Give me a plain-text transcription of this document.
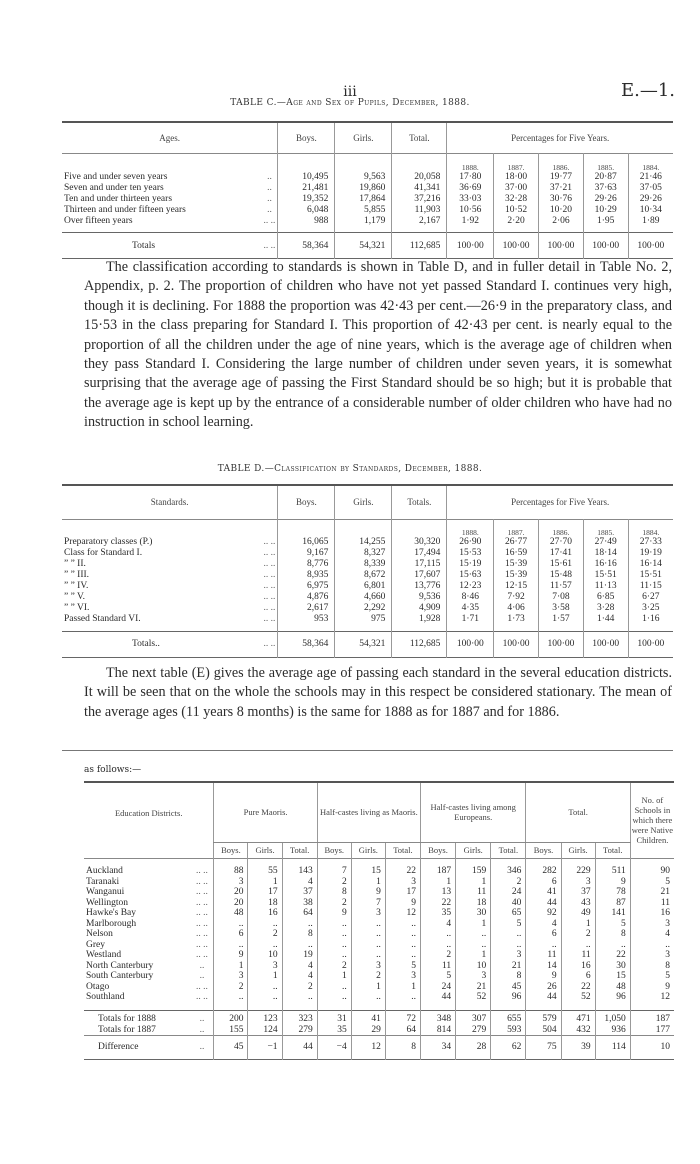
iii	E.—1.
TABLE C.—Age and Sex of Pupils, December, 1888.
Ages.		Boys.	Girls.	Total.	Percentages for Five Years.				
					1888.	1887.	1886.	1885.	1884.
Five and under seven years	..	10,495	9,563	20,058	17·80	18·00	19·77	20·87	21·46
Seven and under ten years	..	21,481	19,860	41,341	36·69	37·00	37·21	37·63	37·05
Ten and under thirteen years	..	19,352	17,864	37,216	33·03	32·28	30·76	29·26	29·26
Thirteen and under fifteen years	..	6,048	5,855	11,903	10·56	10·52	10·20	10·29	10·34
Over fifteen years	.. ..	988	1,179	2,167	1·92	2·20	2·06	1·95	1·89

Totals	.. ..	58,364	54,321	112,685	100·00	100·00	100·00	100·00	100·00

The classification according to standards is shown in Table D, and in fuller detail in Table No. 2, Appendix, p. 2. The proportion of children who have not yet passed Standard I. continues very high, though it is declining. For 1888 the proportion was 42·43 per cent.—26·9 in the preparatory class, and 15·53 in the class preparing for Standard I. This proportion of 42·43 per cent. is nearly equal to the proportion of all the children under the age of nine years, which is the average age of children when they pass Standard I. Considering the large number of children under seven years, it is somewhat surprising that the average age of passing the First Standard should be so high; but it is probable that the average age is kept up by the entrance of a considerable number of older children who have had no instruction in school learning.

TABLE D.—Classification by Standards, December, 1888.
Standards.		Boys.	Girls.	Totals.	Percentages for Five Years.				
					1888.	1887.	1886.	1885.	1884.
Preparatory classes (P.)	.. ..	16,065	14,255	30,320	26·90	26·77	27·70	27·49	27·33
Class for Standard I.	.. ..	9,167	8,327	17,494	15·53	16·59	17·41	18·14	19·19
” ” II.	.. ..	8,776	8,339	17,115	15·19	15·39	15·61	16·16	16·14
” ” III.	.. ..	8,935	8,672	17,607	15·63	15·39	15·48	15·51	15·51
” ” IV.	.. ..	6,975	6,801	13,776	12·23	12·15	11·57	11·13	11·15
” ” V.	.. ..	4,876	4,660	9,536	8·46	7·92	7·08	6·85	6·27
” ” VI.	.. ..	2,617	2,292	4,909	4·35	4·06	3·58	3·28	3·25
Passed Standard VI.	.. ..	953	975	1,928	1·71	1·73	1·57	1·44	1·16

Totals..	.. ..	58,364	54,321	112,685	100·00	100·00	100·00	100·00	100·00

The next table (E) gives the average age of passing each standard in the several education districts. It will be seen that on the whole the schools may in this respect be considered stationary. The mean of the average ages (11 years 8 months) is the same for 1888 as for 1887 and for 1886.

as follows:—
Education Districts.		Pure Maoris.			Half-castes living as Maoris.			Half-castes living among Europeans.			Total.			No. of Schools in which there were Native Children.
		Boys.	Girls.	Total.	Boys.	Girls.	Total.	Boys.	Girls.	Total.	Boys.	Girls.	Total.	

Auckland	.. ..	88	55	143	7	15	22	187	159	346	282	229	511	90
Taranaki	.. ..	3	1	4	2	1	3	1	1	2	6	3	9	5
Wanganui	.. ..	20	17	37	8	9	17	13	11	24	41	37	78	21
Wellington	.. ..	20	18	38	2	7	9	22	18	40	44	43	87	11
Hawke's Bay	.. ..	48	16	64	9	3	12	35	30	65	92	49	141	16
Marlborough	.. ..	..	..	..	..	..	..	4	1	5	4	1	5	3
Nelson	.. ..	6	2	8	..	..	..	..	..	..	6	2	8	4
Grey	.. ..	..	..	..	..	..	..	..	..	..	..	..	..	..
Westland	.. ..	9	10	19	..	..	..	2	1	3	11	11	22	3
North Canterbury	..	1	3	4	2	3	5	11	10	21	14	16	30	8
South Canterbury	..	3	1	4	1	2	3	5	3	8	9	6	15	5
Otago	.. ..	2	..	2	..	1	1	24	21	45	26	22	48	9
Southland	.. ..	..	..	..	..	..	..	44	52	96	44	52	96	12

Totals for 1888	..	200	123	323	31	41	72	348	307	655	579	471	1,050	187
Totals for 1887	..	155	124	279	35	29	64	814	279	593	504	432	936	177
Difference	..	45	−1	44	−4	12	8	34	28	62	75	39	114	10
